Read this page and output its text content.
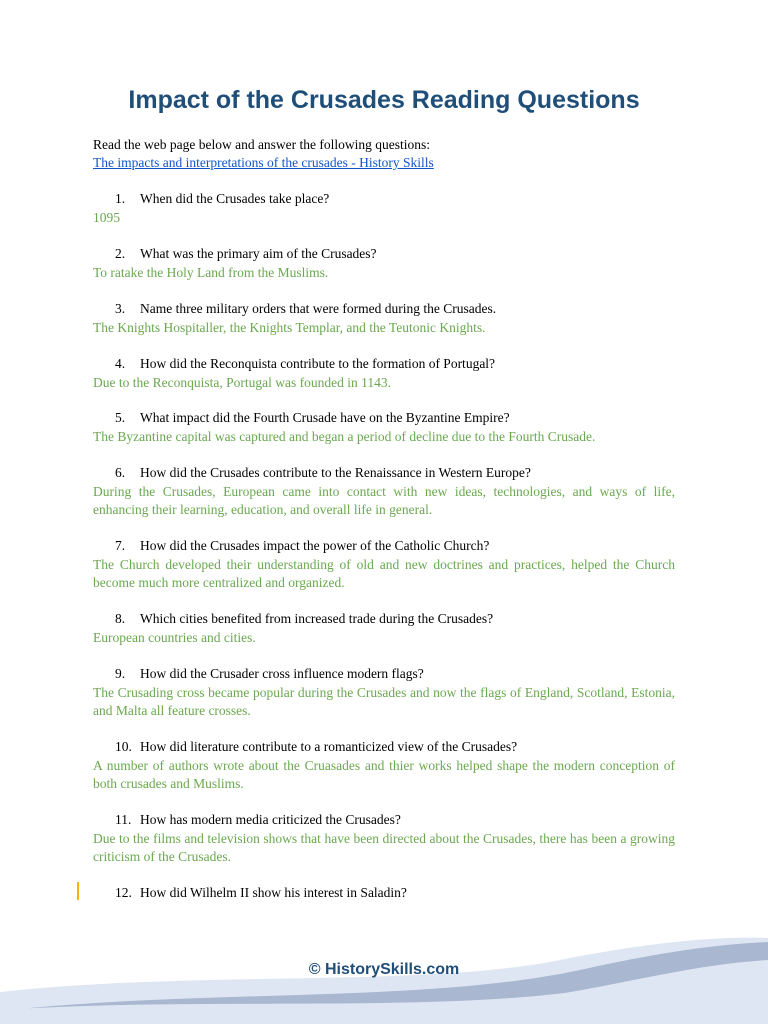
Impact of the Crusades Reading Questions
Read the web page below and answer the following questions:
The impacts and interpretations of the crusades - History Skills
1. When did the Crusades take place?
1095
2. What was the primary aim of the Crusades?
To ratake the Holy Land from the Muslims.
3. Name three military orders that were formed during the Crusades.
The Knights Hospitaller, the Knights Templar, and the Teutonic Knights.
4. How did the Reconquista contribute to the formation of Portugal?
Due to the Reconquista, Portugal was founded in 1143.
5. What impact did the Fourth Crusade have on the Byzantine Empire?
The Byzantine capital was captured and began a period of decline due to the Fourth Crusade.
6. How did the Crusades contribute to the Renaissance in Western Europe?
During the Crusades, European came into contact with new ideas, technologies, and ways of life, enhancing their learning, education, and overall life in general.
7. How did the Crusades impact the power of the Catholic Church?
The Church developed their understanding of old and new doctrines and practices, helped the Church become much more centralized and organized.
8. Which cities benefited from increased trade during the Crusades?
European countries and cities.
9. How did the Crusader cross influence modern flags?
The Crusading cross became popular during the Crusades and now the flags of England, Scotland, Estonia, and Malta all feature crosses.
10. How did literature contribute to a romanticized view of the Crusades?
A number of authors wrote about the Cruasades and thier works helped shape the modern conception of both crusades and Muslims.
11. How has modern media criticized the Crusades?
Due to the films and television shows that have been directed about the Crusades, there has been a growing criticism of the Crusades.
12. How did Wilhelm II show his interest in Saladin?
© HistorySkills.com
